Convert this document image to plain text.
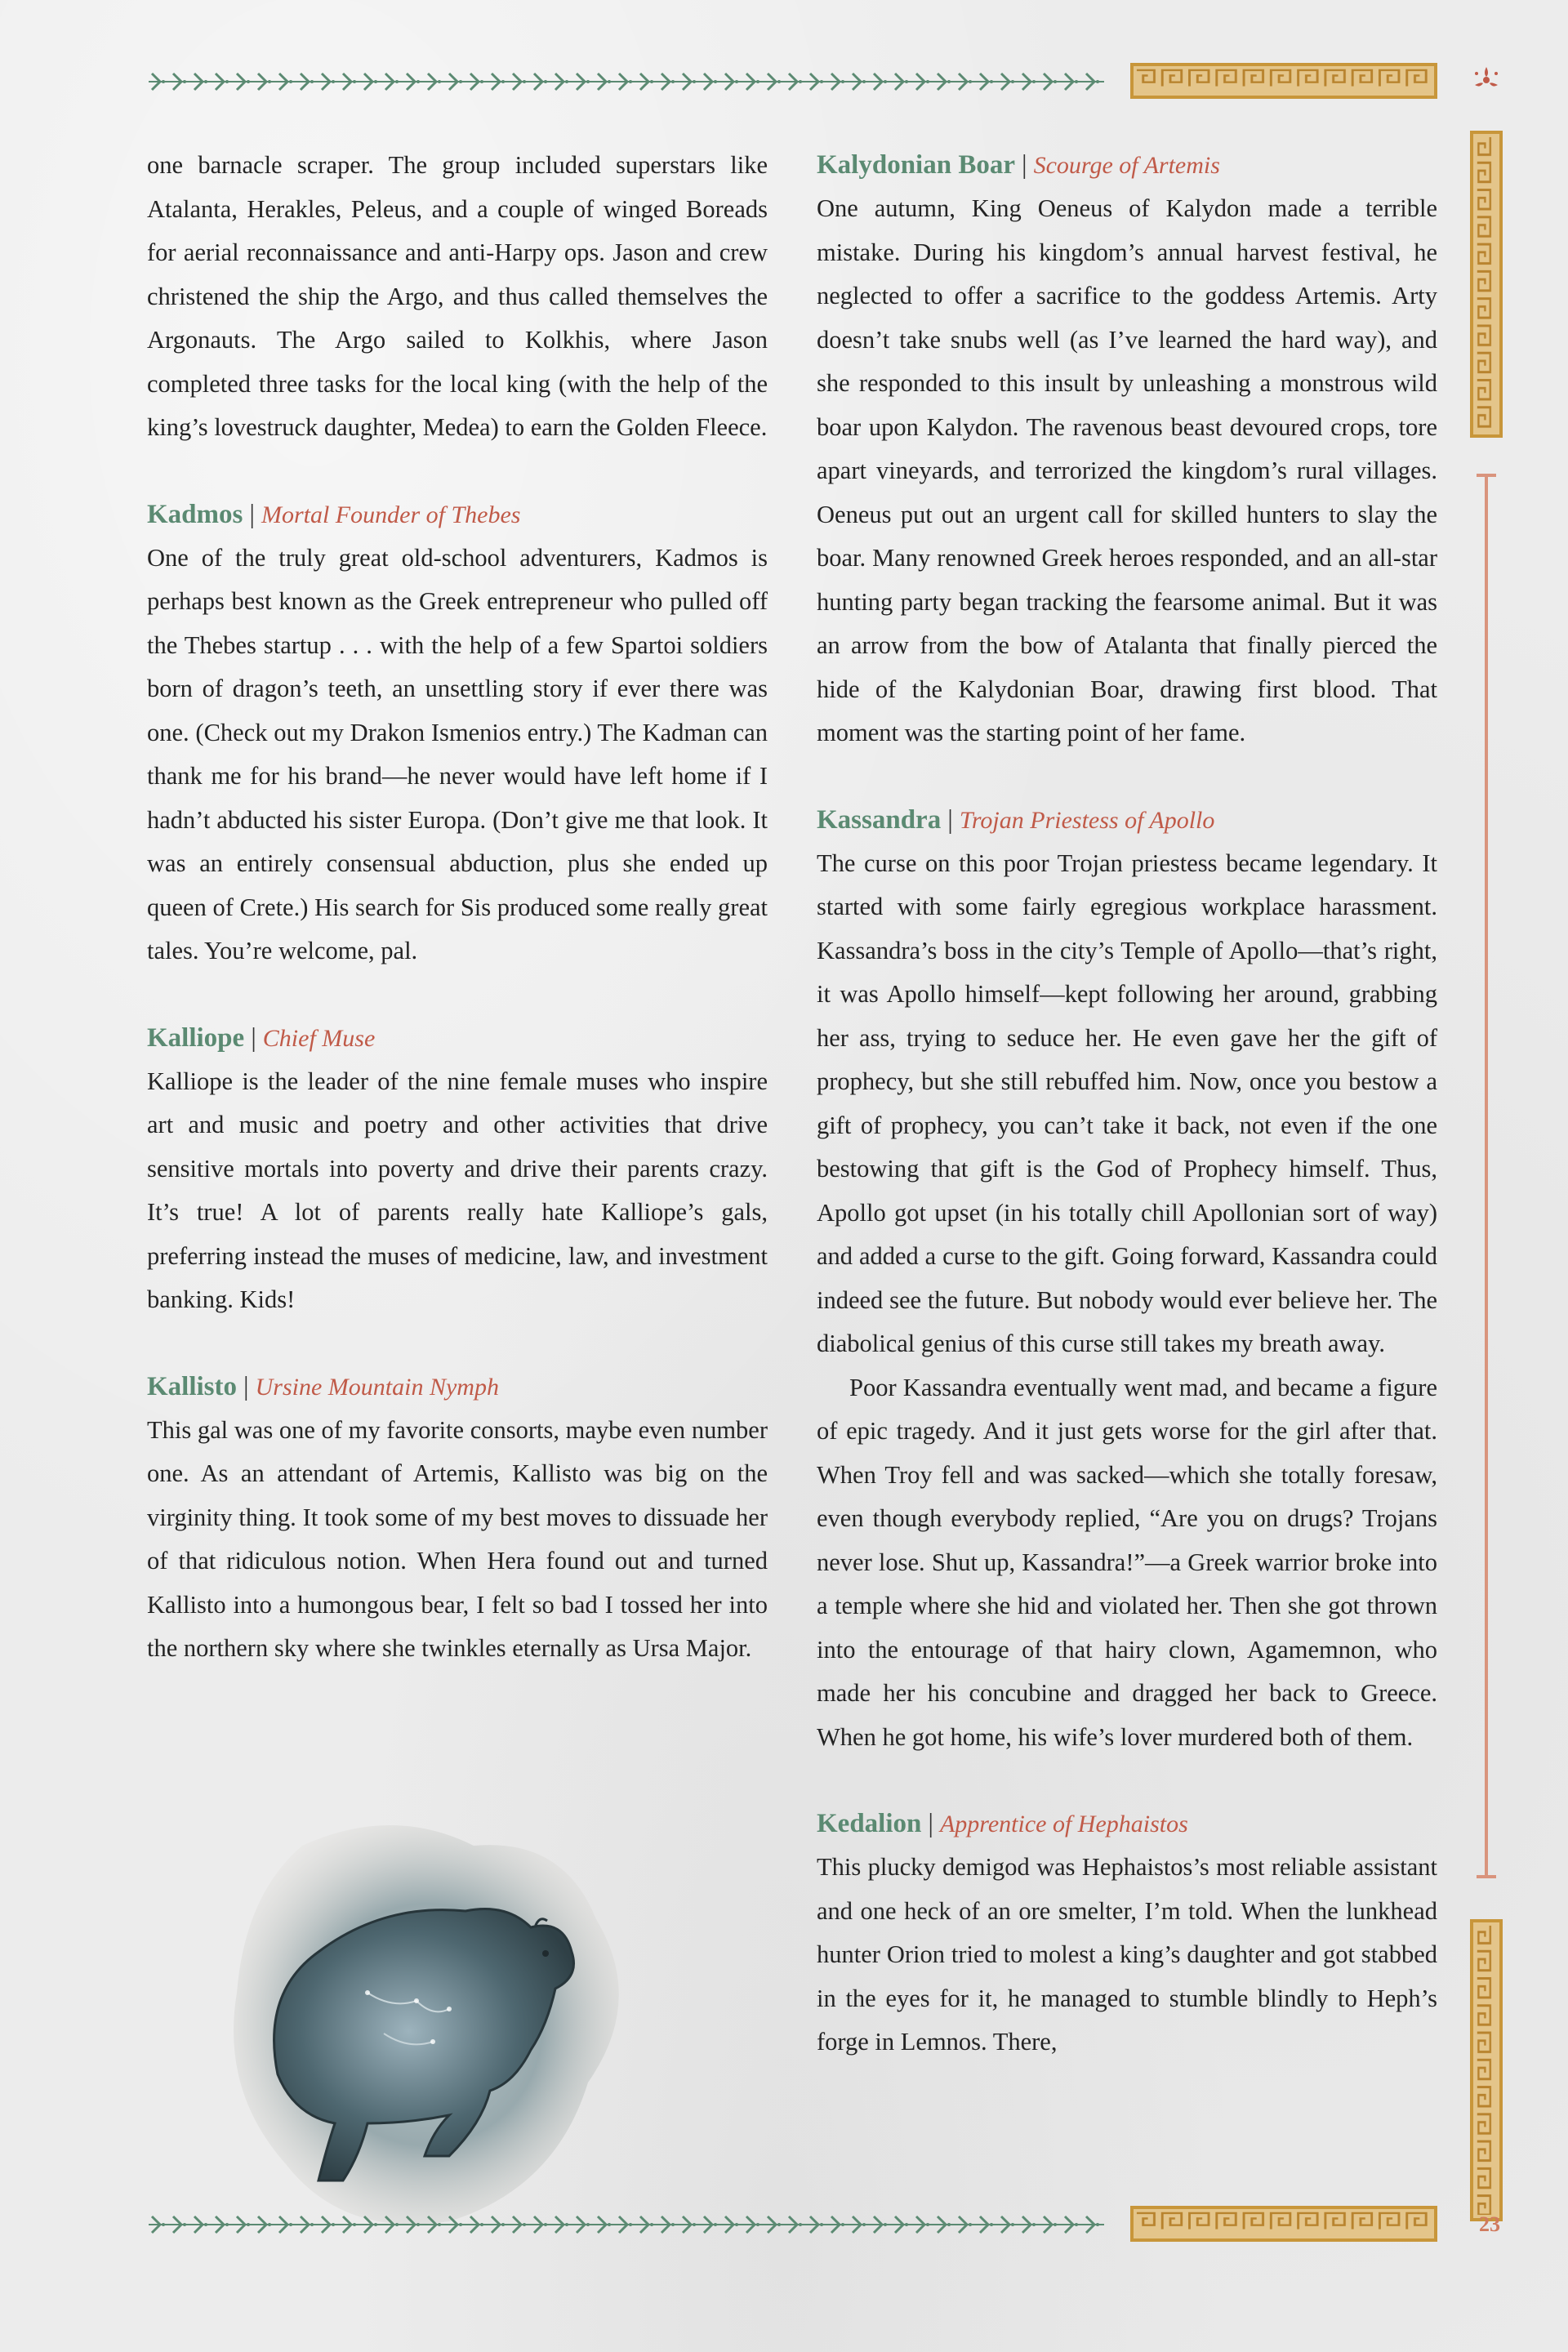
one barnacle scraper. The group included superstars like Atalanta, Herakles, Peleus, and a couple of winged Boreads for aerial reconnaissance and anti-Harpy ops. Jason and crew christened the ship the Argo, and thus called themselves the Argonauts. The Argo sailed to Kolkhis, where Jason completed three tasks for the local king (with the help of the king’s lovestruck daughter, Medea) to earn the Golden Fleece.

Kadmos | Mortal Founder of Thebes

One of the truly great old-school adventurers, Kadmos is perhaps best known as the Greek entrepreneur who pulled off the Thebes startup . . . with the help of a few Spartoi soldiers born of dragon’s teeth, an unsettling story if ever there was one. (Check out my Drakon Ismenios entry.) The Kadman can thank me for his brand—he never would have left home if I hadn’t abducted his sister Europa. (Don’t give me that look. It was an entirely consensual abduction, plus she ended up queen of Crete.) His search for Sis produced some really great tales. You’re welcome, pal.

Kalliope | Chief Muse

Kalliope is the leader of the nine female muses who inspire art and music and poetry and other activities that drive sensitive mortals into poverty and drive their parents crazy. It’s true! A lot of parents really hate Kalliope’s gals, preferring instead the muses of medicine, law, and investment banking. Kids!

Kallisto | Ursine Mountain Nymph

This gal was one of my favorite consorts, maybe even number one. As an attendant of Artemis, Kallisto was big on the virginity thing. It took some of my best moves to dissuade her of that ridiculous notion. When Hera found out and turned Kallisto into a humongous bear, I felt so bad I tossed her into the northern sky where she twinkles eternally as Ursa Major.

Kalydonian Boar | Scourge of Artemis

One autumn, King Oeneus of Kalydon made a terrible mistake. During his kingdom’s annual harvest festival, he neglected to offer a sacrifice to the goddess Artemis. Arty doesn’t take snubs well (as I’ve learned the hard way), and she responded to this insult by unleashing a monstrous wild boar upon Kalydon. The ravenous beast devoured crops, tore apart vineyards, and terrorized the kingdom’s rural villages. Oeneus put out an urgent call for skilled hunters to slay the boar. Many renowned Greek heroes responded, and an all-star hunting party began tracking the fearsome animal. But it was an arrow from the bow of Atalanta that finally pierced the hide of the Kalydonian Boar, drawing first blood. That moment was the starting point of her fame.

Kassandra | Trojan Priestess of Apollo

The curse on this poor Trojan priestess became legendary. It started with some fairly egregious workplace harassment. Kassandra’s boss in the city’s Temple of Apollo—that’s right, it was Apollo himself—kept following her around, grabbing her ass, trying to seduce her. He even gave her the gift of prophecy, but she still rebuffed him. Now, once you bestow a gift of prophecy, you can’t take it back, not even if the one bestowing that gift is the God of Prophecy himself. Thus, Apollo got upset (in his totally chill Apollonian sort of way) and added a curse to the gift. Going forward, Kassandra could indeed see the future. But nobody would ever believe her. The diabolical genius of this curse still takes my breath away.

Poor Kassandra eventually went mad, and became a figure of epic tragedy. And it just gets worse for the girl after that. When Troy fell and was sacked—which she totally foresaw, even though everybody replied, “Are you on drugs? Trojans never lose. Shut up, Kassandra!”—a Greek warrior broke into a temple where she hid and violated her. Then she got thrown into the entourage of that hairy clown, Agamemnon, who made her his concubine and dragged her back to Greece. When he got home, his wife’s lover murdered both of them.

Kedalion | Apprentice of Hephaistos

This plucky demigod was Hephaistos’s most reliable assistant and one heck of an ore smelter, I’m told. When the lunkhead hunter Orion tried to molest a king’s daughter and got stabbed in the eyes for it, he managed to stumble blindly to Heph’s forge in Lemnos. There,

23
